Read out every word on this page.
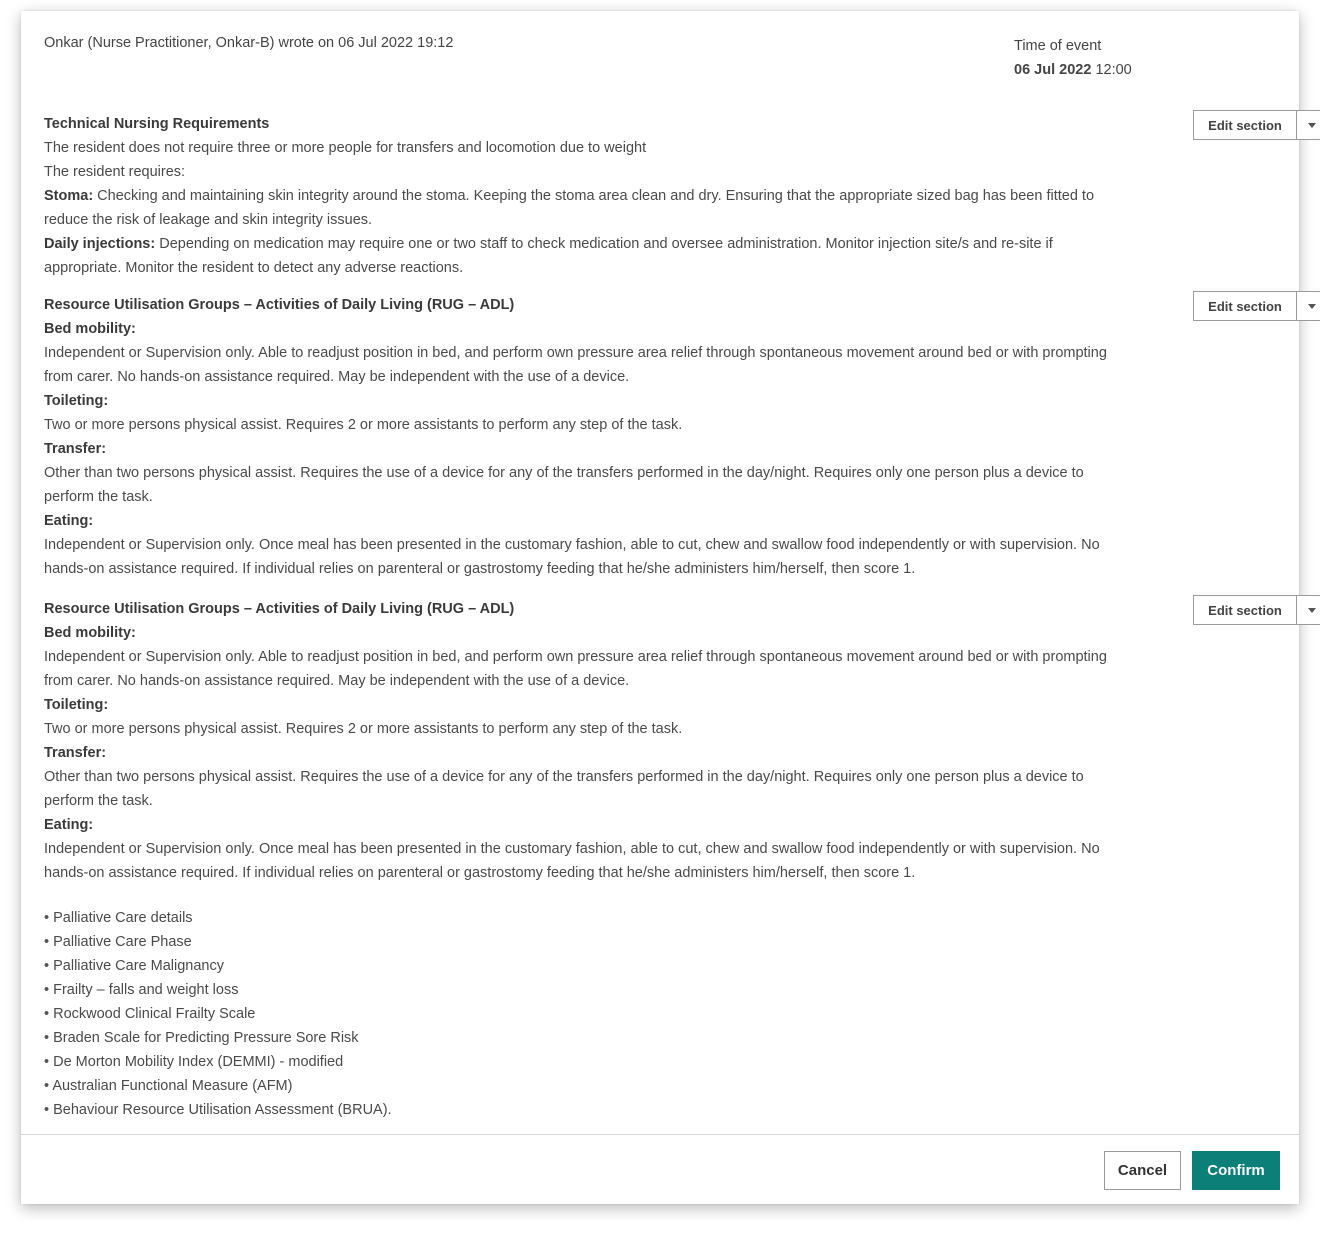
Onkar (Nurse Practitioner, Onkar-B) wrote on 06 Jul 2022 19:12	Time of event
06 Jul 2022 12:00
Edit section

Technical Nursing Requirements

The resident does not require three or more people for transfers and locomotion due to weight

The resident requires:

Stoma: Checking and maintaining skin integrity around the stoma. Keeping the stoma area clean and dry. Ensuring that the appropriate sized bag has been fitted to reduce the risk of leakage and skin integrity issues.

Daily injections: Depending on medication may require one or two staff to check medication and oversee administration. Monitor injection site/s and re-site if appropriate. Monitor the resident to detect any adverse reactions.

Edit section

Resource Utilisation Groups – Activities of Daily Living (RUG – ADL)

Bed mobility:

Independent or Supervision only. Able to readjust position in bed, and perform own pressure area relief through spontaneous movement around bed or with prompting from carer. No hands-on assistance required. May be independent with the use of a device.

Toileting:

Two or more persons physical assist. Requires 2 or more assistants to perform any step of the task.

Transfer:

Other than two persons physical assist. Requires the use of a device for any of the transfers performed in the day/night. Requires only one person plus a device to perform the task.

Eating:

Independent or Supervision only. Once meal has been presented in the customary fashion, able to cut, chew and swallow food independently or with supervision. No hands-on assistance required. If individual relies on parenteral or gastrostomy feeding that he/she administers him/herself, then score 1.

Edit section

Resource Utilisation Groups – Activities of Daily Living (RUG – ADL)

Bed mobility:

Independent or Supervision only. Able to readjust position in bed, and perform own pressure area relief through spontaneous movement around bed or with prompting from carer. No hands-on assistance required. May be independent with the use of a device.

Toileting:

Two or more persons physical assist. Requires 2 or more assistants to perform any step of the task.

Transfer:

Other than two persons physical assist. Requires the use of a device for any of the transfers performed in the day/night. Requires only one person plus a device to perform the task.

Eating:

Independent or Supervision only. Once meal has been presented in the customary fashion, able to cut, chew and swallow food independently or with supervision. No hands-on assistance required. If individual relies on parenteral or gastrostomy feeding that he/she administers him/herself, then score 1.

• Palliative Care details
• Palliative Care Phase
• Palliative Care Malignancy
• Frailty – falls and weight loss
• Rockwood Clinical Frailty Scale
• Braden Scale for Predicting Pressure Sore Risk
• De Morton Mobility Index (DEMMI) - modified
• Australian Functional Measure (AFM)
• Behaviour Resource Utilisation Assessment (BRUA).
Cancel	Confirm
